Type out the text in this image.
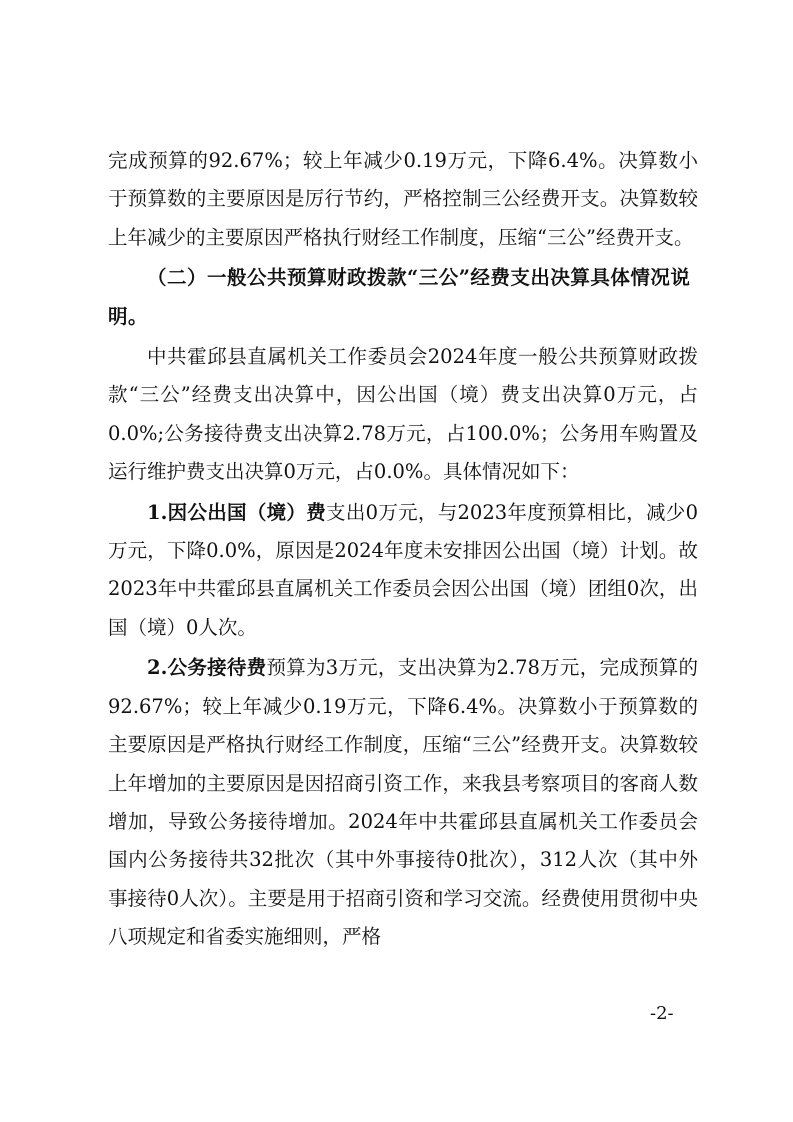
完成预算的92.67%；较上年减少0.19万元，下降6.4%。决算数小于预算数的主要原因是厉行节约，严格控制三公经费开支。决算数较上年减少的主要原因严格执行财经工作制度，压缩“三公”经费开支。

（二）一般公共预算财政拨款“三公”经费支出决算具体情况说明。

中共霍邱县直属机关工作委员会2024年度一般公共预算财政拨款“三公”经费支出决算中，因公出国（境）费支出决算0万元，占0.0%;公务接待费支出决算2.78万元，占100.0%；公务用车购置及运行维护费支出决算0万元，占0.0%。具体情况如下：

1.因公出国（境）费支出0万元，与2023年度预算相比，减少0万元，下降0.0%，原因是2024年度未安排因公出国（境）计划。故2023年中共霍邱县直属机关工作委员会因公出国（境）团组0次，出国（境）0人次。

2.公务接待费预算为3万元，支出决算为2.78万元，完成预算的92.67%；较上年减少0.19万元，下降6.4%。决算数小于预算数的主要原因是严格执行财经工作制度，压缩“三公”经费开支。决算数较上年增加的主要原因是因招商引资工作，来我县考察项目的客商人数增加，导致公务接待增加。2024年中共霍邱县直属机关工作委员会国内公务接待共32批次（其中外事接待0批次），312人次（其中外事接待0人次）。主要是用于招商引资和学习交流。经费使用贯彻中央八项规定和省委实施细则，严格

-2-
